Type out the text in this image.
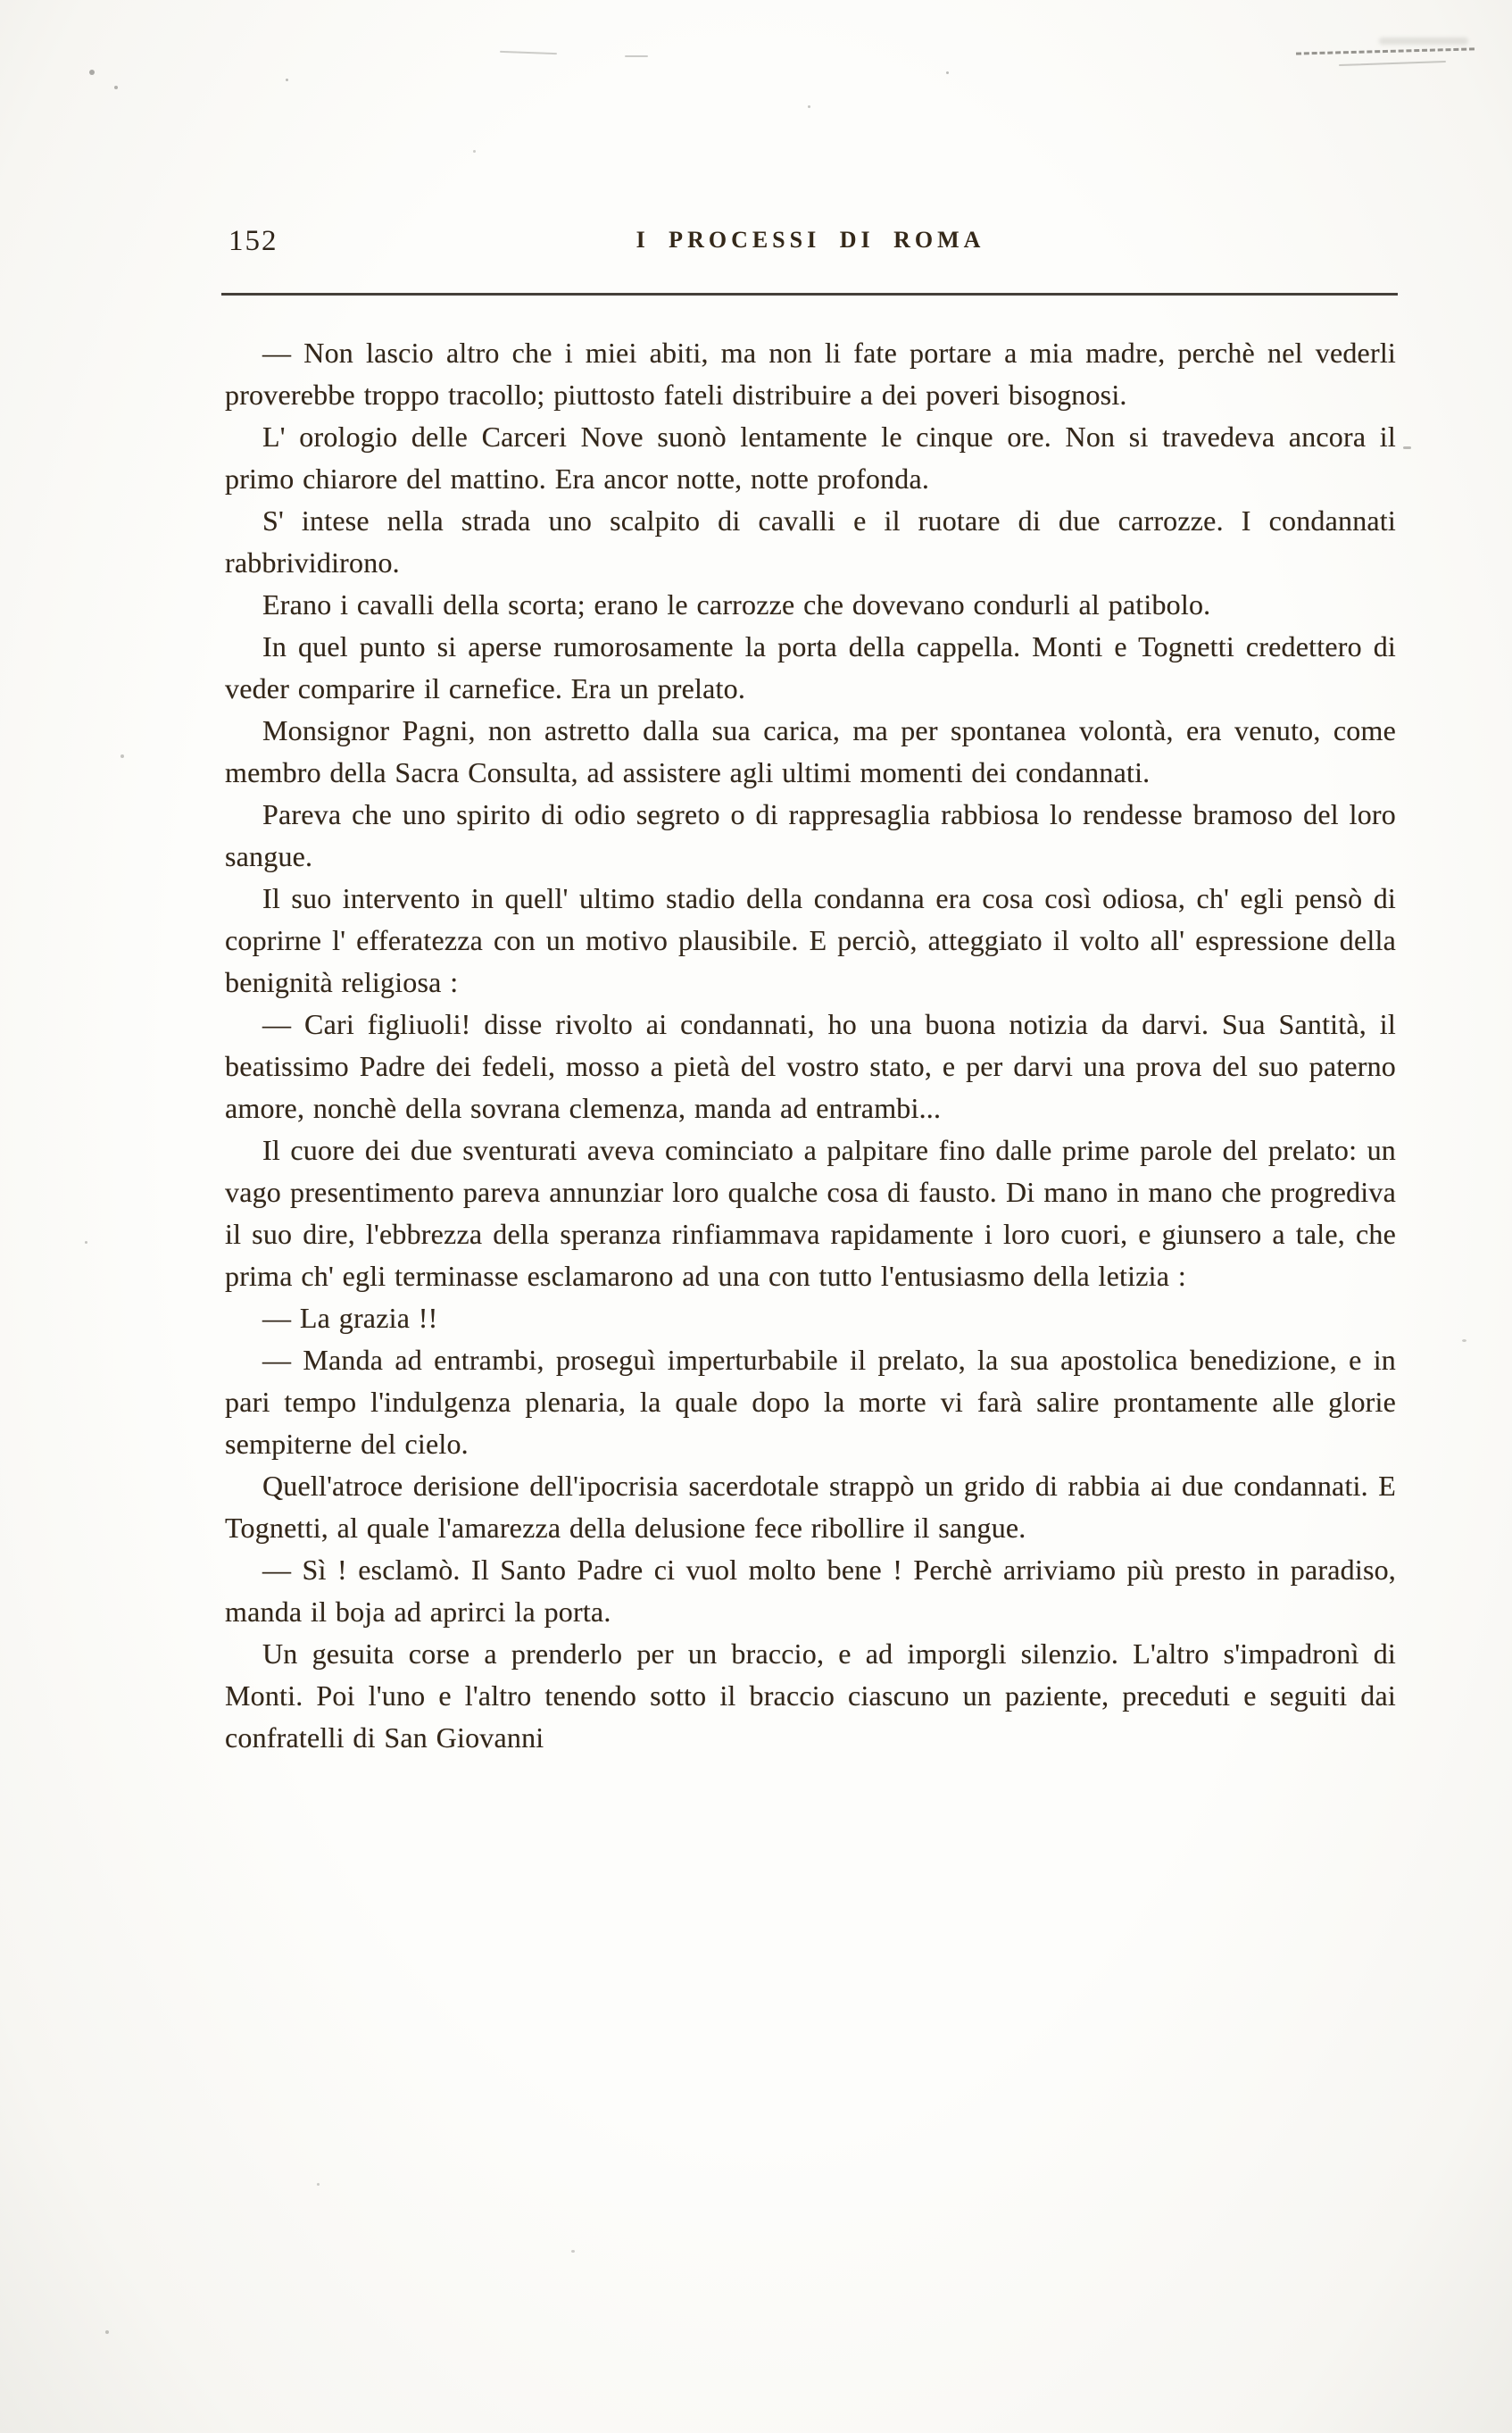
152	I PROCESSI DI ROMA

— Non lascio altro che i miei abiti, ma non li fate portare a mia madre, perchè nel vederli proverebbe troppo tracollo; piuttosto fateli distribuire a dei poveri bisognosi.

L' orologio delle Carceri Nove suonò lentamente le cinque ore. Non si travedeva ancora il primo chiarore del mattino. Era ancor notte, notte profonda.

S' intese nella strada uno scalpito di cavalli e il ruotare di due carrozze. I condannati rabbrividirono.

Erano i cavalli della scorta; erano le carrozze che dovevano condurli al patibolo.

In quel punto si aperse rumorosamente la porta della cappella. Monti e Tognetti credettero di veder comparire il carnefice. Era un prelato.

Monsignor Pagni, non astretto dalla sua carica, ma per spontanea volontà, era venuto, come membro della Sacra Consulta, ad assistere agli ultimi momenti dei condannati.

Pareva che uno spirito di odio segreto o di rappresaglia rabbiosa lo rendesse bramoso del loro sangue.

Il suo intervento in quell' ultimo stadio della condanna era cosa così odiosa, ch' egli pensò di coprirne l' efferatezza con un motivo plausibile. E perciò, atteggiato il volto all' espressione della benignità religiosa :

— Cari figliuoli! disse rivolto ai condannati, ho una buona notizia da darvi. Sua Santità, il beatissimo Padre dei fedeli, mosso a pietà del vostro stato, e per darvi una prova del suo paterno amore, nonchè della sovrana clemenza, manda ad entrambi...

Il cuore dei due sventurati aveva cominciato a palpitare fino dalle prime parole del prelato: un vago presentimento pareva annunziar loro qualche cosa di fausto. Di mano in mano che progrediva il suo dire, l'ebbrezza della speranza rinfiammava rapidamente i loro cuori, e giunsero a tale, che prima ch' egli terminasse esclamarono ad una con tutto l'entusiasmo della letizia :

— La grazia !!

— Manda ad entrambi, proseguì imperturbabile il prelato, la sua apostolica benedizione, e in pari tempo l'indulgenza plenaria, la quale dopo la morte vi farà salire prontamente alle glorie sempiterne del cielo.

Quell'atroce derisione dell'ipocrisia sacerdotale strappò un grido di rabbia ai due condannati. E Tognetti, al quale l'amarezza della delusione fece ribollire il sangue.

— Sì ! esclamò. Il Santo Padre ci vuol molto bene ! Perchè arriviamo più presto in paradiso, manda il boja ad aprirci la porta.

Un gesuita corse a prenderlo per un braccio, e ad imporgli silenzio. L'altro s'impadronì di Monti. Poi l'uno e l'altro tenendo sotto il braccio ciascuno un paziente, preceduti e seguiti dai confratelli di San Giovanni
